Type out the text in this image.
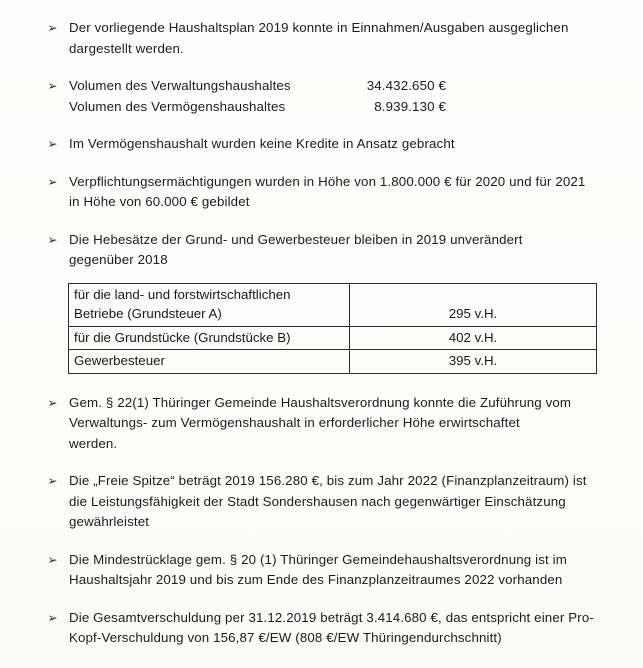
➢ Der vorliegende Haushaltsplan 2019 konnte in Einnahmen/Ausgaben ausgeglichen dargestellt werden.
➢ Volumen des Verwaltungshaushaltes	34.432.650 €
Volumen des Vermögenshaushaltes	8.939.130 €
➢ Im Vermögenshaushalt wurden keine Kredite in Ansatz gebracht
➢ Verpflichtungsermächtigungen wurden in Höhe von 1.800.000 € für 2020 und für 2021 in Höhe von 60.000 € gebildet
➢ Die Hebesätze der Grund- und Gewerbesteuer bleiben in 2019 unverändert
gegenüber 2018
für die land- und forstwirtschaftlichen
Betriebe (Grundsteuer A)	295 v.H.
für die Grundstücke (Grundstücke B)	402 v.H.
Gewerbesteuer	395 v.H.
➢ Gem. § 22(1) Thüringer Gemeinde Haushaltsverordnung konnte die Zuführung vom
Verwaltungs- zum Vermögenshaushalt in erforderlicher Höhe erwirtschaftet
werden.
➢ Die „Freie Spitze“ beträgt 2019 156.280 €, bis zum Jahr 2022 (Finanzplanzeitraum) ist die Leistungsfähigkeit der Stadt Sondershausen nach gegenwärtiger Einschätzung gewährleistet
➢ Die Mindestrücklage gem. § 20 (1) Thüringer Gemeindehaushaltsverordnung ist im Haushaltsjahr 2019 und bis zum Ende des Finanzplanzeitraumes 2022 vorhanden
➢ Die Gesamtverschuldung per 31.12.2019 beträgt 3.414.680 €, das entspricht einer Pro-Kopf-Verschuldung von 156,87 €/EW (808 €/EW Thüringendurchschnitt)
